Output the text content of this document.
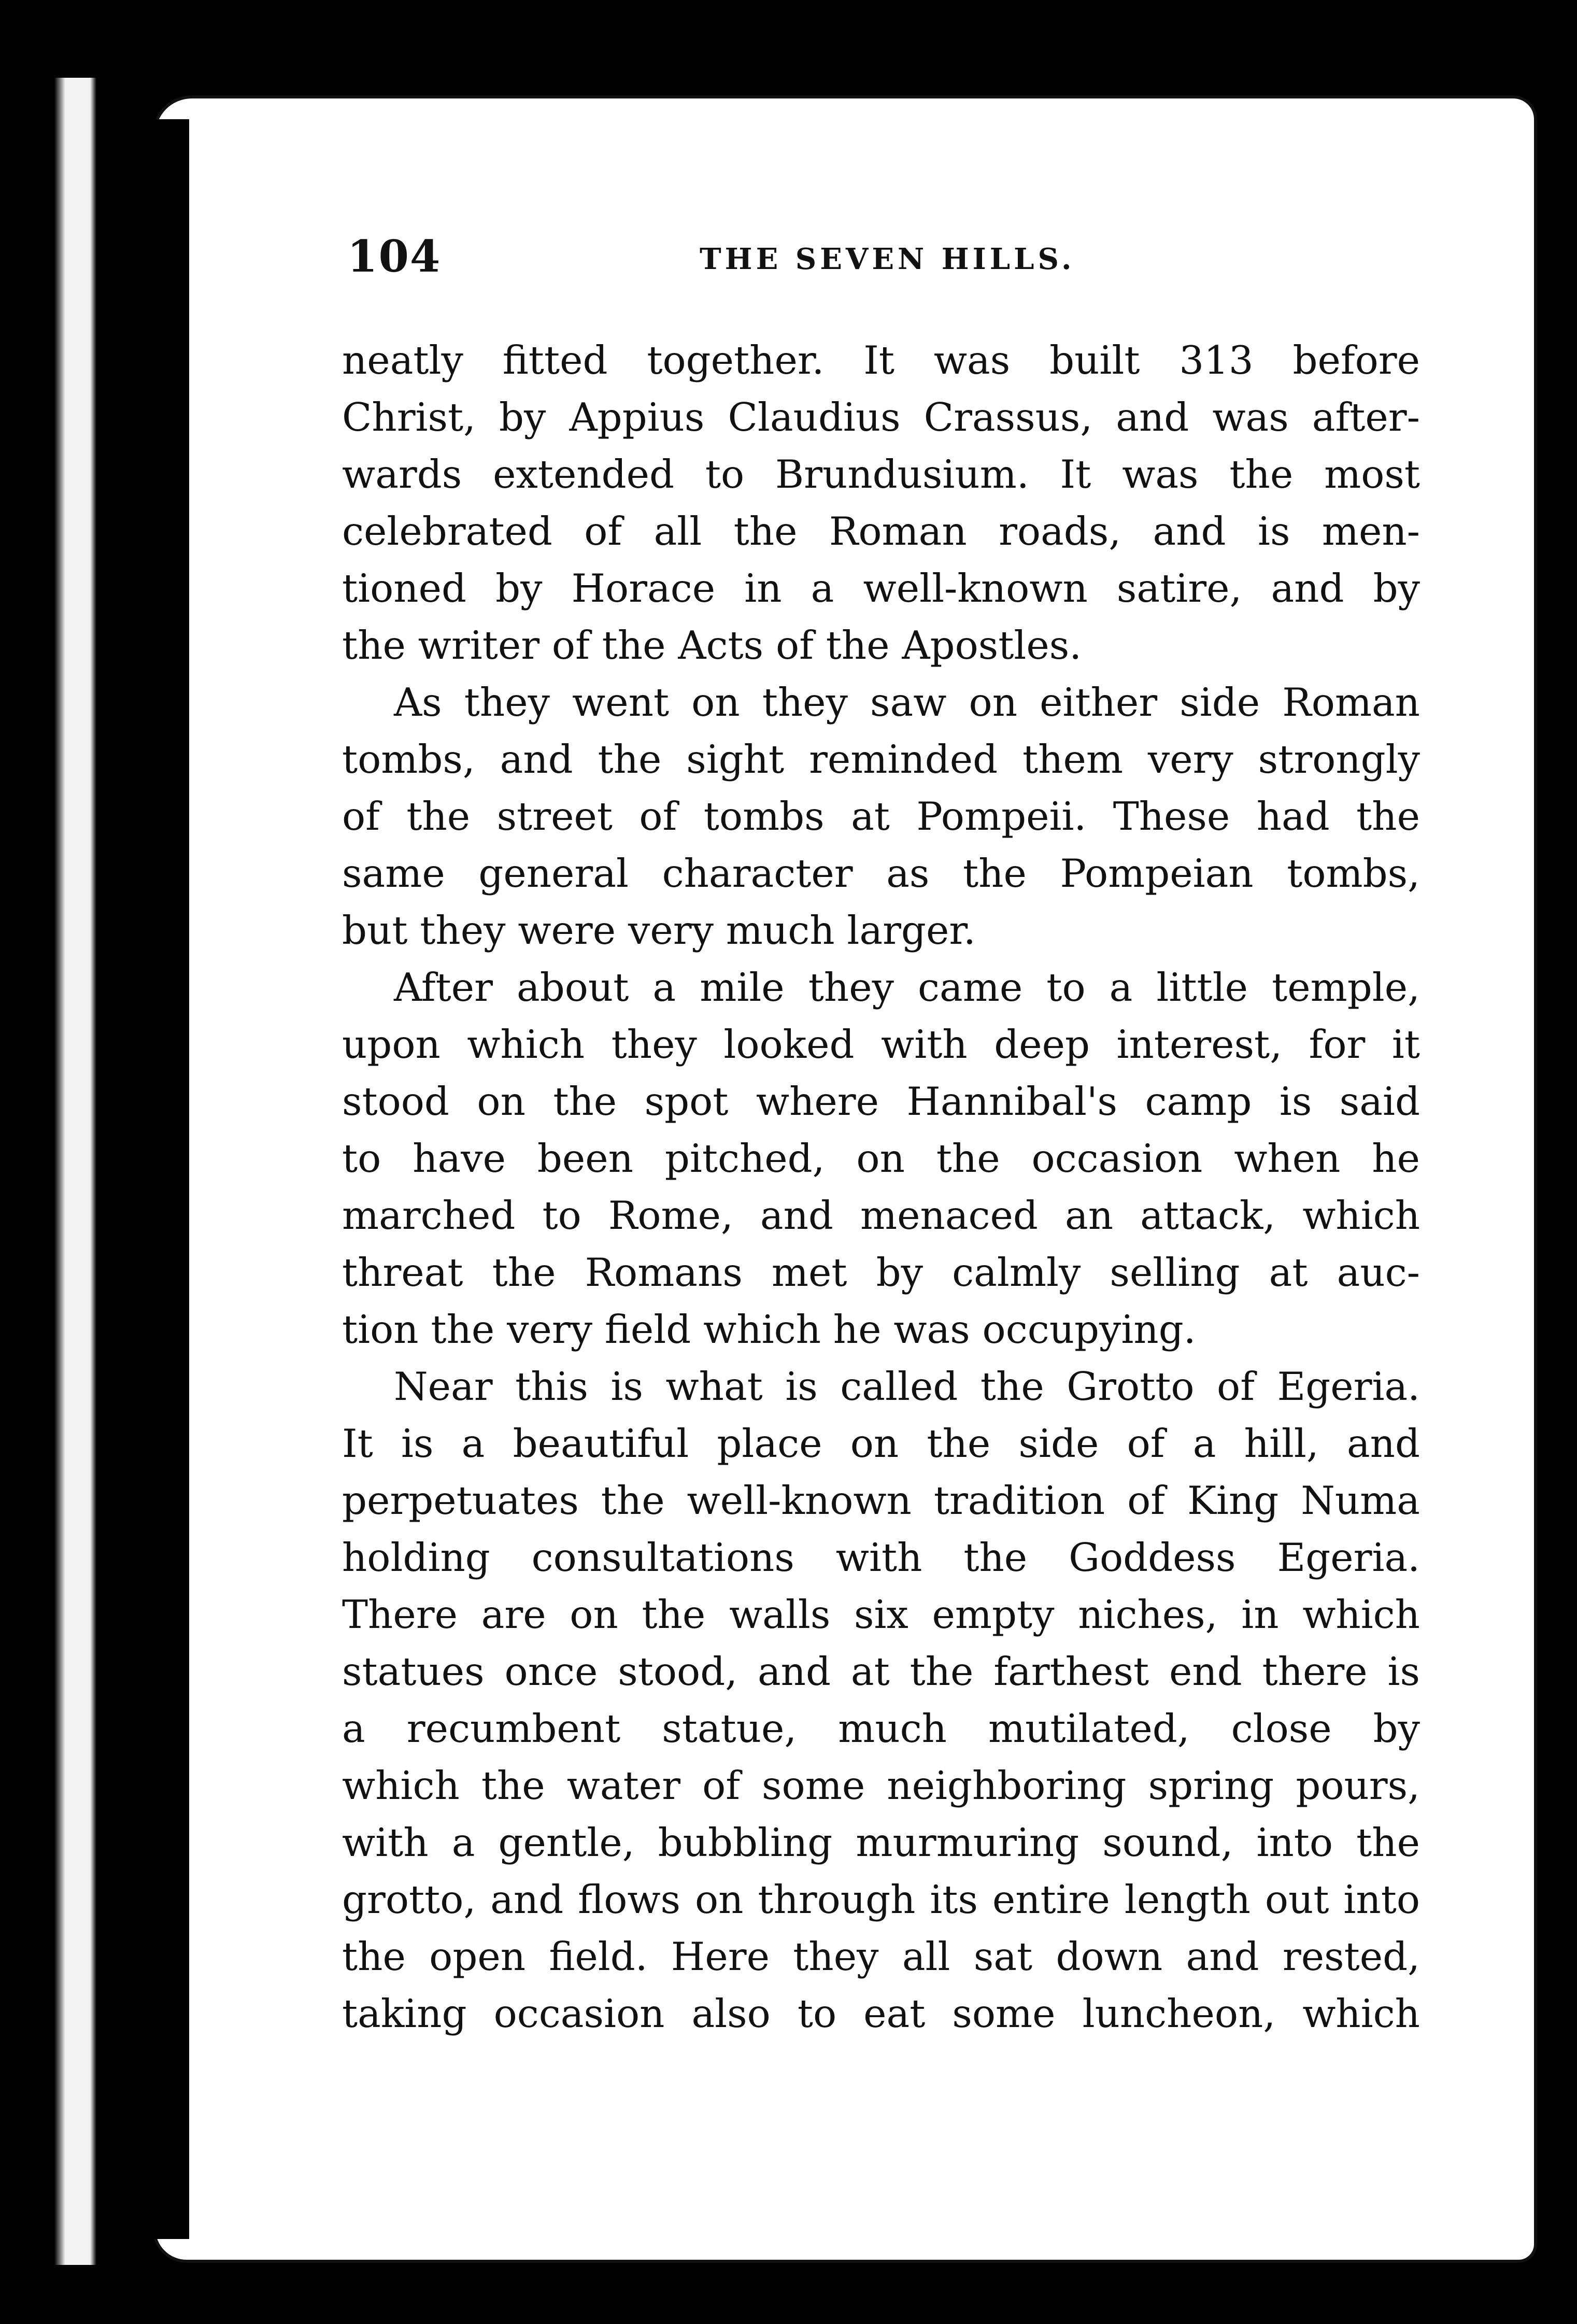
104	THE SEVEN HILLS.
neatly fitted together. It was built 313 before
Christ, by Appius Claudius Crassus, and was after-
wards extended to Brundusium. It was the most
celebrated of all the Roman roads, and is men-
tioned by Horace in a well-known satire, and by
the writer of the Acts of the Apostles.
As they went on they saw on either side Roman
tombs, and the sight reminded them very strongly
of the street of tombs at Pompeii. These had the
same general character as the Pompeian tombs,
but they were very much larger.
After about a mile they came to a little temple,
upon which they looked with deep interest, for it
stood on the spot where Hannibal's camp is said
to have been pitched, on the occasion when he
marched to Rome, and menaced an attack, which
threat the Romans met by calmly selling at auc-
tion the very field which he was occupying.
Near this is what is called the Grotto of Egeria.
It is a beautiful place on the side of a hill, and
perpetuates the well-known tradition of King Numa
holding consultations with the Goddess Egeria.
There are on the walls six empty niches, in which
statues once stood, and at the farthest end there is
a recumbent statue, much mutilated, close by
which the water of some neighboring spring pours,
with a gentle, bubbling murmuring sound, into the
grotto, and flows on through its entire length out into
the open field. Here they all sat down and rested,
taking occasion also to eat some luncheon, which
